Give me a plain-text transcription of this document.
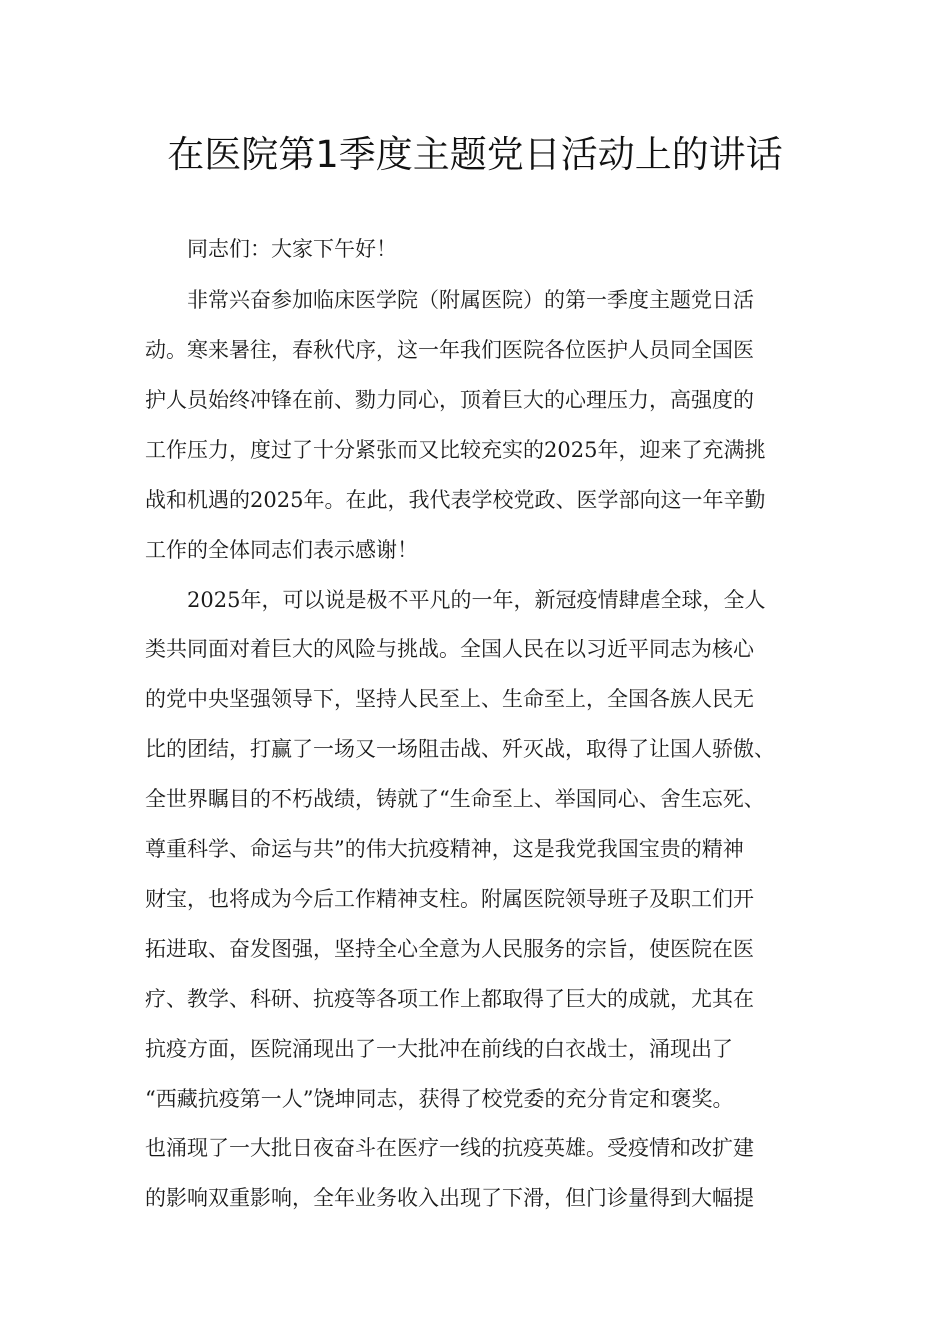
在医院第1季度主题党日活动上的讲话
同志们：大家下午好！
非常兴奋参加临床医学院（附属医院）的第一季度主题党日活
动。寒来暑往，春秋代序，这一年我们医院各位医护人员同全国医
护人员始终冲锋在前、勠力同心，顶着巨大的心理压力，高强度的
工作压力，度过了十分紧张而又比较充实的2025年，迎来了充满挑
战和机遇的2025年。在此，我代表学校党政、医学部向这一年辛勤
工作的全体同志们表示感谢！
2025年，可以说是极不平凡的一年，新冠疫情肆虐全球，全人
类共同面对着巨大的风险与挑战。全国人民在以习近平同志为核心
的党中央坚强领导下，坚持人民至上、生命至上，全国各族人民无
比的团结，打赢了一场又一场阻击战、歼灭战，取得了让国人骄傲、
全世界瞩目的不朽战绩，铸就了“生命至上、举国同心、舍生忘死、
尊重科学、命运与共”的伟大抗疫精神，这是我党我国宝贵的精神
财宝，也将成为今后工作精神支柱。附属医院领导班子及职工们开
拓进取、奋发图强，坚持全心全意为人民服务的宗旨，使医院在医
疗、教学、科研、抗疫等各项工作上都取得了巨大的成就，尤其在
抗疫方面，医院涌现出了一大批冲在前线的白衣战士，涌现出了
“西藏抗疫第一人”饶坤同志，获得了校党委的充分肯定和褒奖。
也涌现了一大批日夜奋斗在医疗一线的抗疫英雄。受疫情和改扩建
的影响双重影响，全年业务收入出现了下滑，但门诊量得到大幅提
